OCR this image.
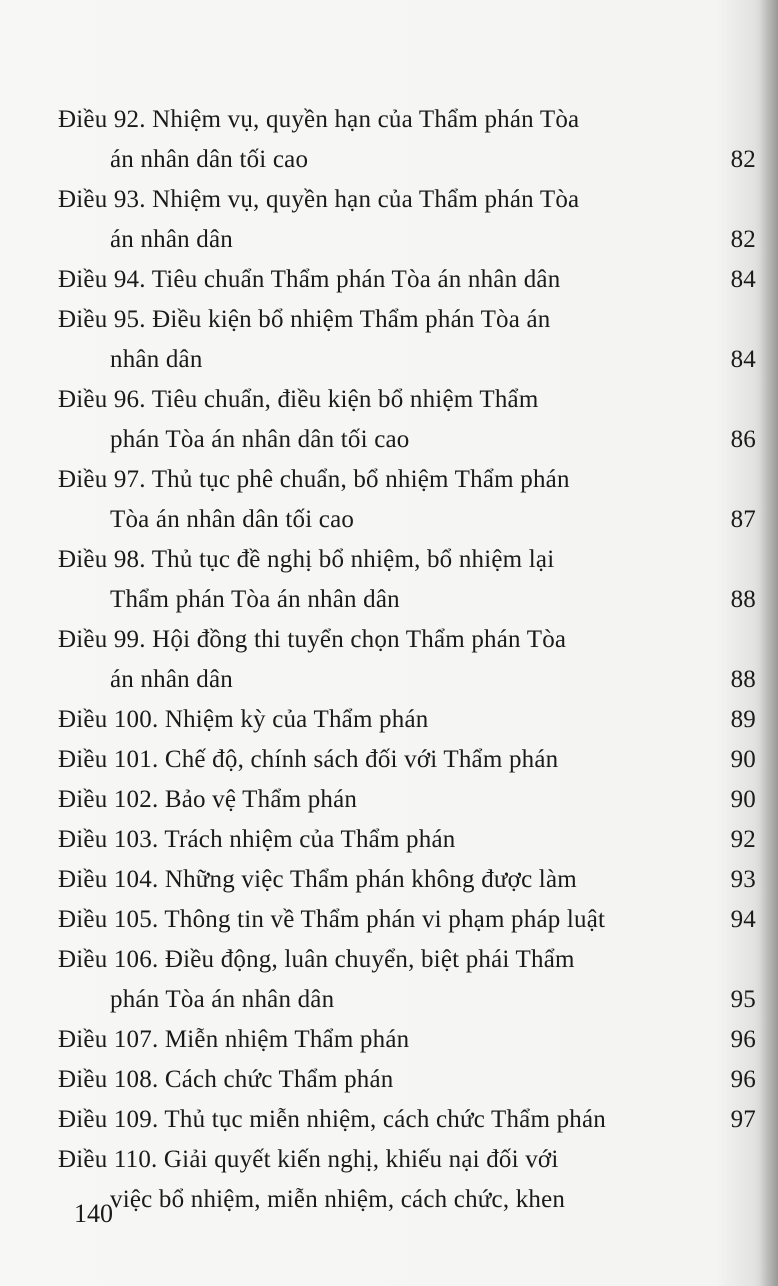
Điều 92. Nhiệm vụ, quyền hạn của Thẩm phán Tòa
án nhân dân tối cao	82
Điều 93. Nhiệm vụ, quyền hạn của Thẩm phán Tòa
án nhân dân	82
Điều 94. Tiêu chuẩn Thẩm phán Tòa án nhân dân	84
Điều 95. Điều kiện bổ nhiệm Thẩm phán Tòa án
nhân dân	84
Điều 96. Tiêu chuẩn, điều kiện bổ nhiệm Thẩm
phán Tòa án nhân dân tối cao	86
Điều 97. Thủ tục phê chuẩn, bổ nhiệm Thẩm phán
Tòa án nhân dân tối cao	87
Điều 98. Thủ tục đề nghị bổ nhiệm, bổ nhiệm lại
Thẩm phán Tòa án nhân dân	88
Điều 99. Hội đồng thi tuyển chọn Thẩm phán Tòa
án nhân dân	88
Điều 100. Nhiệm kỳ của Thẩm phán	89
Điều 101. Chế độ, chính sách đối với Thẩm phán	90
Điều 102. Bảo vệ Thẩm phán	90
Điều 103. Trách nhiệm của Thẩm phán	92
Điều 104. Những việc Thẩm phán không được làm	93
Điều 105. Thông tin về Thẩm phán vi phạm pháp luật	94
Điều 106. Điều động, luân chuyển, biệt phái Thẩm
phán Tòa án nhân dân	95
Điều 107. Miễn nhiệm Thẩm phán	96
Điều 108. Cách chức Thẩm phán	96
Điều 109. Thủ tục miễn nhiệm, cách chức Thẩm phán	97
Điều 110. Giải quyết kiến nghị, khiếu nại đối với
việc bổ nhiệm, miễn nhiệm, cách chức, khen
140
